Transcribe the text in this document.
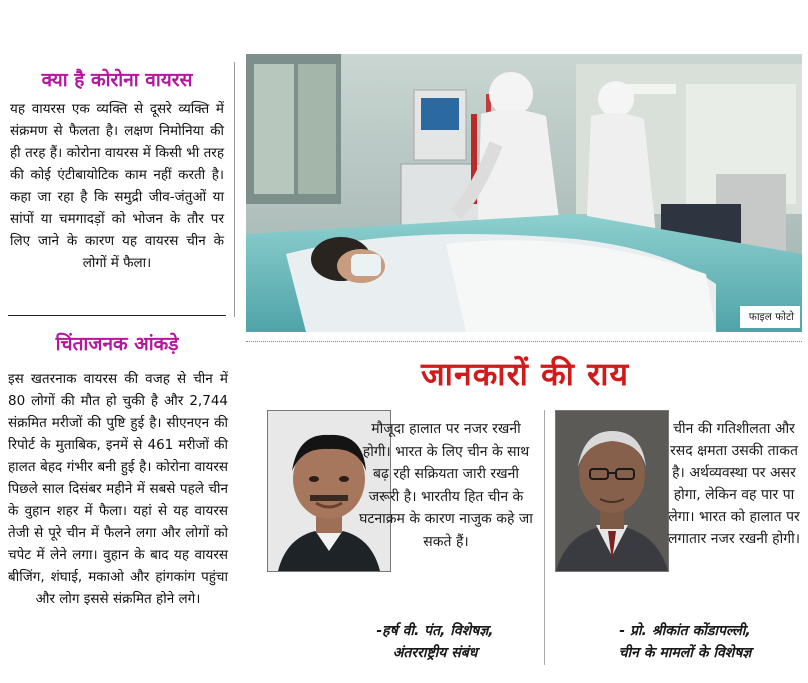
क्या है कोरोना वायरस
यह वायरस एक व्यक्ति से दूसरे व्यक्ति में संक्रमण से फैलता है। लक्षण निमोनिया की ही तरह हैं। कोरोना वायरस में किसी भी तरह की कोई एंटीबायोटिक काम नहीं करती है। कहा जा रहा है कि समुद्री जीव-जंतुओं या सांपों या चमगादड़ों को भोजन के तौर पर लिए जाने के कारण यह वायरस चीन के लोगों में फैला।
चिंताजनक आंकड़े
इस खतरनाक वायरस की वजह से चीन में 80 लोगों की मौत हो चुकी है और 2,744 संक्रमित मरीजों की पुष्टि हुई है। सीएनएन की रिपोर्ट के मुताबिक, इनमें से 461 मरीजों की हालत बेहद गंभीर बनी हुई है। कोरोना वायरस पिछले साल दिसंबर महीने में सबसे पहले चीन के वुहान शहर में फैला। यहां से यह वायरस तेजी से पूरे चीन में फैलने लगा और लोगों को चपेट में लेने लगा। वुहान के बाद यह वायरस बीजिंग, शंघाई, मकाओ और हांगकांग पहुंचा और लोग इससे संक्रमित होने लगे।
फाइल फोटो
जानकारों की राय
मौजूदा हालात पर नजर रखनी होगी। भारत के लिए चीन के साथ बढ़ रही सक्रियता जारी रखनी जरूरी है। भारतीय हित चीन के घटनाक्रम के कारण नाजुक कहे जा सकते हैं।
-हर्ष वी. पंत, विशेषज्ञ,
अंतरराष्ट्रीय संबंध
चीन की गतिशीलता और रसद क्षमता उसकी ताकत है। अर्थव्यवस्था पर असर होगा, लेकिन वह पार पा लेगा। भारत को हालात पर लगातार नजर रखनी होगी।
- प्रो. श्रीकांत कोंडापल्ली,
चीन के मामलों के विशेषज्ञ
